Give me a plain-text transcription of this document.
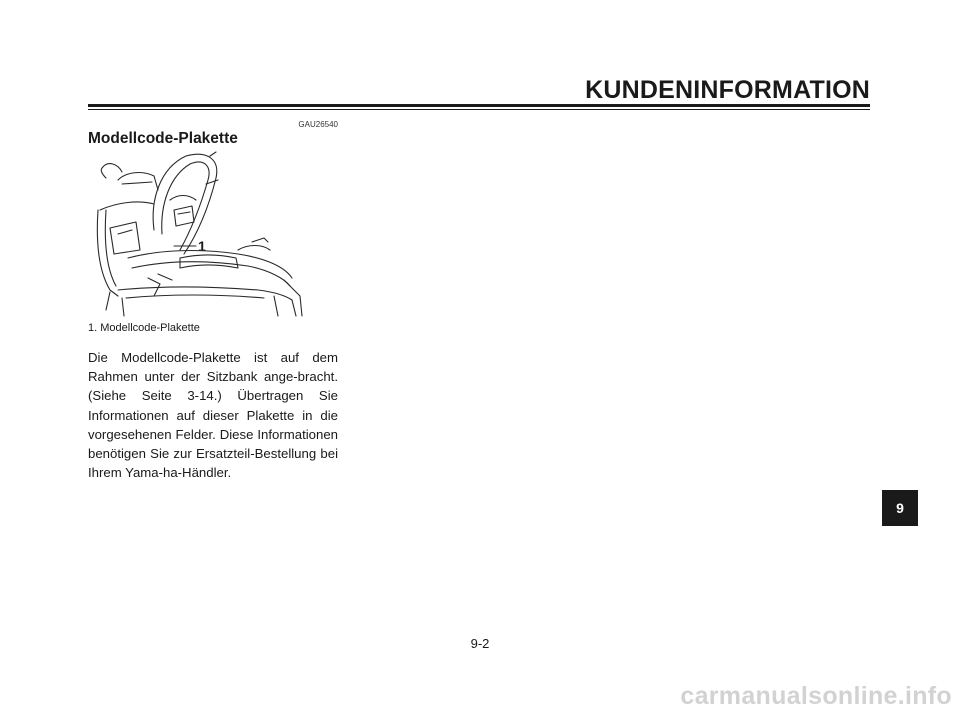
KUNDENINFORMATION
GAU26540
Modellcode-Plakette
1
1. Modellcode-Plakette
Die Modellcode-Plakette ist auf dem Rahmen unter der Sitzbank ange-bracht. (Siehe Seite 3-14.) Übertragen Sie Informationen auf dieser Plakette in die vorgesehenen Felder. Diese Informationen benötigen Sie zur Ersatzteil-Bestellung bei Ihrem Yama-ha-Händler.
9
9-2
carmanualsonline.info
